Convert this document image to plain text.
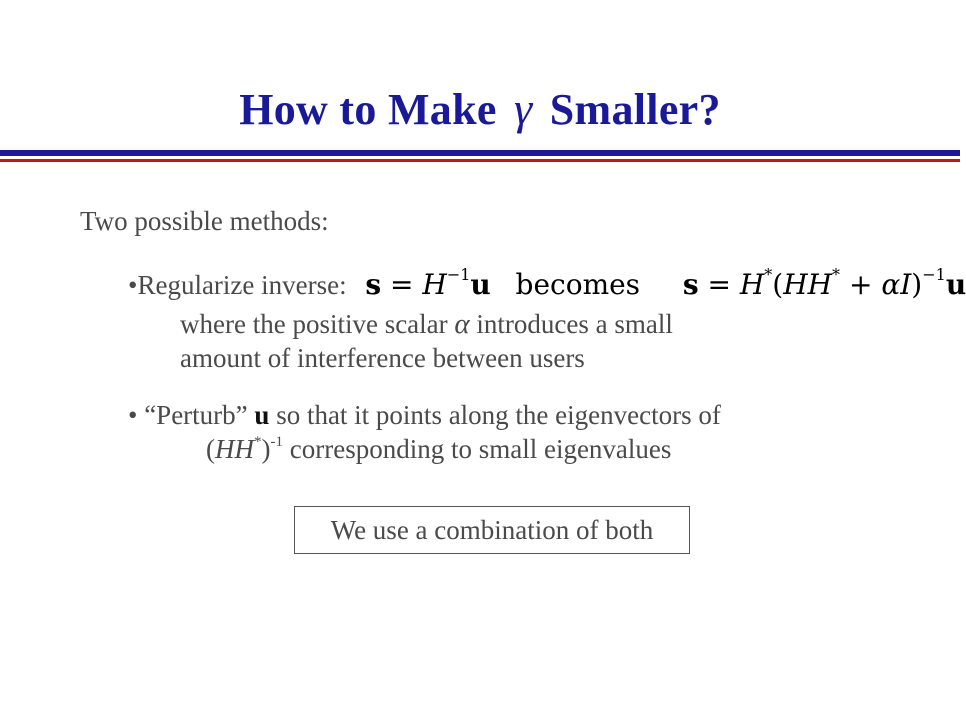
How to Make γ Smaller?
Two possible methods:
•Regularize inverse: $s = H^{-1}u$ becomes $s = H^*(HH^* + \alpha I)^{-1}u$
where the positive scalar α introduces a small
amount of interference between users
• “Perturb” u so that it points along the eigenvectors of
$(HH^*)^{-1}$ corresponding to small eigenvalues
We use a combination of both
